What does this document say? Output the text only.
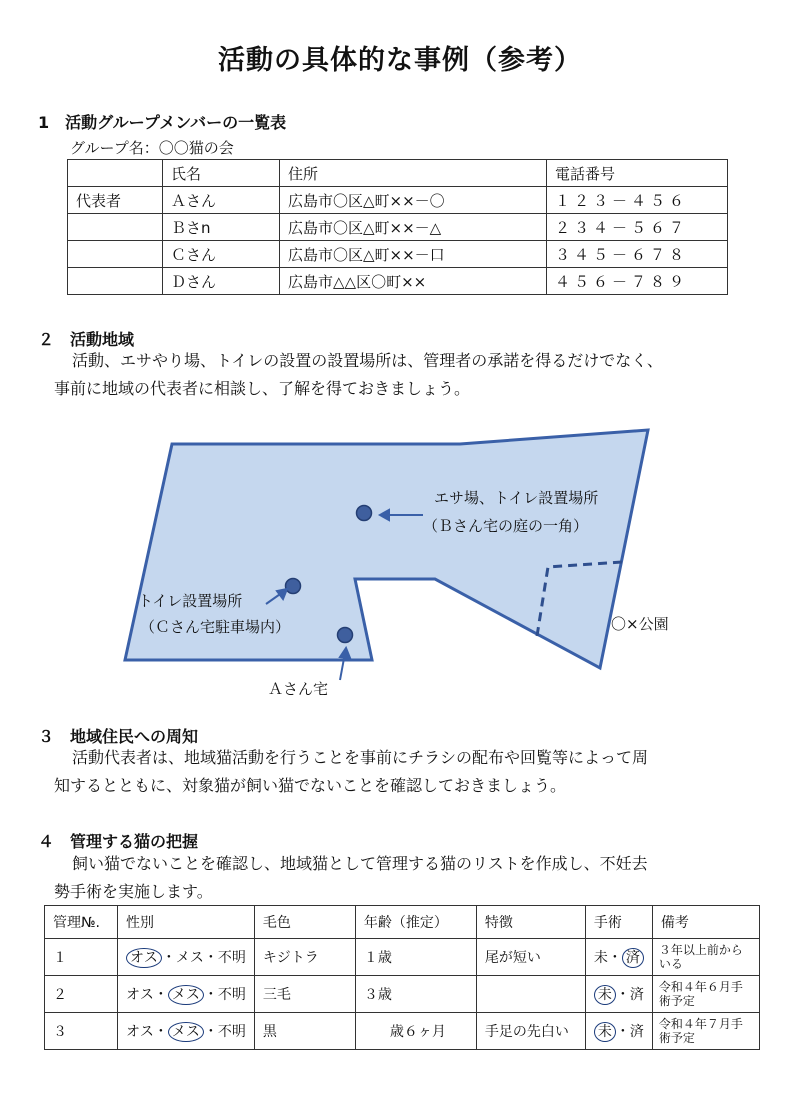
活動の具体的な事例（参考）
1　活動グループメンバーの一覧表
グループ名：〇〇猫の会
	氏名	住所	電話番号
代表者	Ａさん	広島市〇区△町××－〇	１２３－４５６
	Ｂさn	広島市〇区△町××－△	２３４－５６７
	Ｃさん	広島市〇区△町××－口	３４５－６７８
	Ｄさん	広島市△△区〇町××	４５６－７８９
２　活動地域
活動、エサやり場、トイレの設置の設置場所は、管理者の承諾を得るだけでなく、
事前に地域の代表者に相談し、了解を得ておきましょう。
エサ場、トイレ設置場所
（Ｂさん宅の庭の一角）
トイレ設置場所
（Ｃさん宅駐車場内）
Ａさん宅
〇×公園
３　地域住民への周知
活動代表者は、地域猫活動を行うことを事前にチラシの配布や回覧等によって周
知するとともに、対象猫が飼い猫でないことを確認しておきましょう。
４　管理する猫の把握
飼い猫でないことを確認し、地域猫として管理する猫のリストを作成し、不妊去
勢手術を実施します。
管理№.	性別	毛色	年齢（推定）	特徴	手術	備考
１	オス ・メス・不明	キジトラ	１歳	尾が短い	未・ 済	３年以上前からいる
２	オス・ メス ・不明	三毛	３歳		未 ・済	令和４年６月手術予定
３	オス・ メス ・不明	黒	歳６ヶ月	手足の先白い	未 ・済	令和４年７月手術予定
